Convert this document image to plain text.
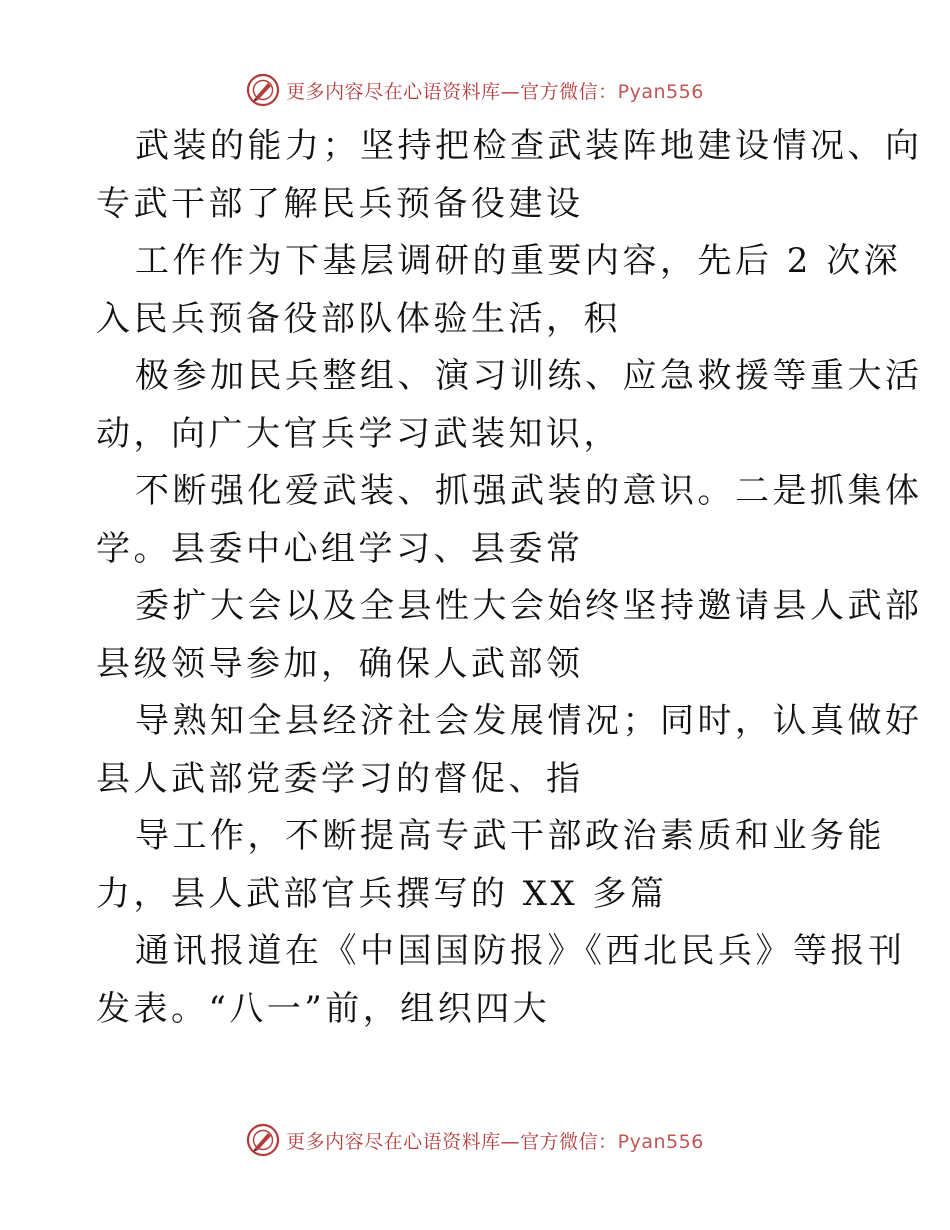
更多内容尽在心语资料库—官方微信：Pyan556
武装的能力；坚持把检查武装阵地建设情况、向
专武干部了解民兵预备役建设
工作作为下基层调研的重要内容，先后 2 次深
入民兵预备役部队体验生活，积
极参加民兵整组、演习训练、应急救援等重大活
动，向广大官兵学习武装知识，
不断强化爱武装、抓强武装的意识。二是抓集体
学。县委中心组学习、县委常
委扩大会以及全县性大会始终坚持邀请县人武部
县级领导参加，确保人武部领
导熟知全县经济社会发展情况；同时，认真做好
县人武部党委学习的督促、指
导工作，不断提高专武干部政治素质和业务能
力，县人武部官兵撰写的 XX 多篇
通讯报道在《中国国防报》《西北民兵》等报刊
发表。“八一”前，组织四大
更多内容尽在心语资料库—官方微信：Pyan556
